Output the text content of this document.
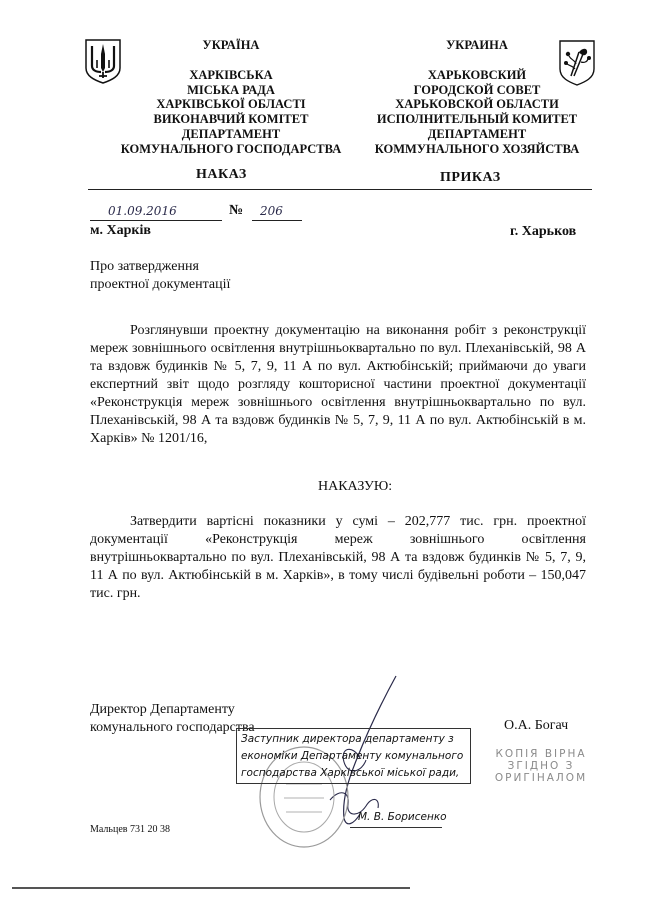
УКРАЇНА
ХАРКІВСЬКА
МІСЬКА РАДА
ХАРКІВСЬКОЇ ОБЛАСТІ
ВИКОНАВЧИЙ КОМІТЕТ
ДЕПАРТАМЕНТ
КОМУНАЛЬНОГО ГОСПОДАРСТВА
УКРАИНА
ХАРЬКОВСКИЙ
ГОРОДСКОЙ СОВЕТ
ХАРЬКОВСКОЙ ОБЛАСТИ
ИСПОЛНИТЕЛЬНЫЙ КОМИТЕТ
ДЕПАРТАМЕНТ
КОММУНАЛЬНОГО ХОЗЯЙСТВА
НАКАЗ	ПРИКАЗ
01.09.2016	№ 206
м. Харків	г. Харьков
Про затвердження
проектної документації

Розглянувши проектну документацію на виконання робіт з реконструкції мереж зовнішнього освітлення внутрішньоквартально по вул. Плеханівській, 98 А та вздовж будинків № 5, 7, 9, 11 А по вул. Актюбінській; приймаючи до уваги експертний звіт щодо розгляду кошторисної частини проектної документації «Реконструкція мереж зовнішнього освітлення внутрішньоквартально по вул. Плеханівській, 98 А та вздовж будинків № 5, 7, 9, 11 А по вул. Актюбінській в м. Харків» № 1201/16,

НАКАЗУЮ:

Затвердити вартісні показники у сумі – 202,777 тис. грн. проектної документації «Реконструкція мереж зовнішнього освітлення внутрішньоквартально по вул. Плеханівській, 98 А та вздовж будинків № 5, 7, 9, 11 А по вул. Актюбінській в м. Харків», в тому числі будівельні роботи – 150,047 тис. грн.

Директор Департаменту
комунального господарства	О.А. Богач
Заступник директора департаменту з
економіки Департаменту комунального
господарства Харківської міської ради,
М. В. Борисенко
КОПІЯ ВІРНА
ЗГІДНО З
ОРИГІНАЛОМ
Мальцев 731 20 38
